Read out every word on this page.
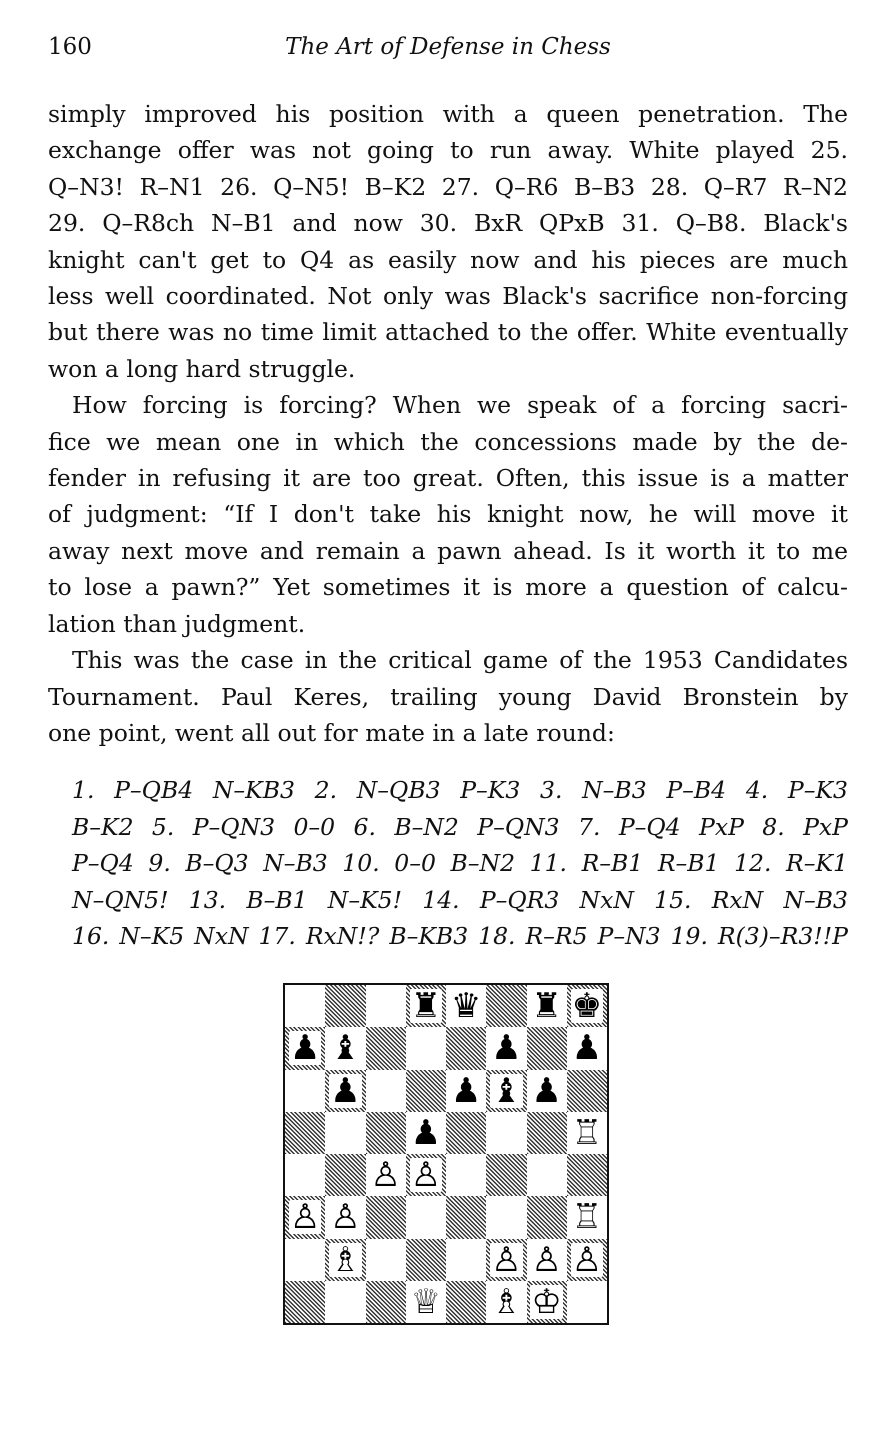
160	The Art of Defense in Chess
simply improved his position with a queen penetration. The
exchange offer was not going to run away. White played 25.
Q–N3! R–N1 26. Q–N5! B–K2 27. Q–R6 B–B3 28. Q–R7 R–N2
29. Q–R8ch N–B1 and now 30. BxR QPxB 31. Q–B8. Black's
knight can't get to Q4 as easily now and his pieces are much
less well coordinated. Not only was Black's sacrifice non-forcing
but there was no time limit attached to the offer. White eventually
won a long hard struggle.
How forcing is forcing? When we speak of a forcing sacri-
fice we mean one in which the concessions made by the de-
fender in refusing it are too great. Often, this issue is a matter
of judgment: “If I don't take his knight now, he will move it
away next move and remain a pawn ahead. Is it worth it to me
to lose a pawn?” Yet sometimes it is more a question of calcu-
lation than judgment.
This was the case in the critical game of the 1953 Candidates
Tournament. Paul Keres, trailing young David Bronstein by
one point, went all out for mate in a late round:
1. P–QB4 N–KB3 2. N–QB3 P–K3 3. N–B3 P–B4 4. P–K3
B–K2 5. P–QN3 0–0 6. B–N2 P–QN3 7. P–Q4 PxP 8. PxP
P–Q4 9. B–Q3 N–B3 10. 0–0 B–N2 11. R–B1 R–B1 12. R–K1
N–QN5! 13. B–B1 N–K5! 14. P–QR3 NxN 15. RxN N–B3
16. N–K5 NxN 17. RxN!? B–KB3 18. R–R5 P–N3 19. R(3)–R3!!P
♜ ♛ ♜ ♚
♟ ♝	♟ ♟
♟	♟ ♝ ♟
♟	♖
♙ ♙
♙ ♙	♖
♗	♙ ♙ ♙
♕ ♗ ♔
